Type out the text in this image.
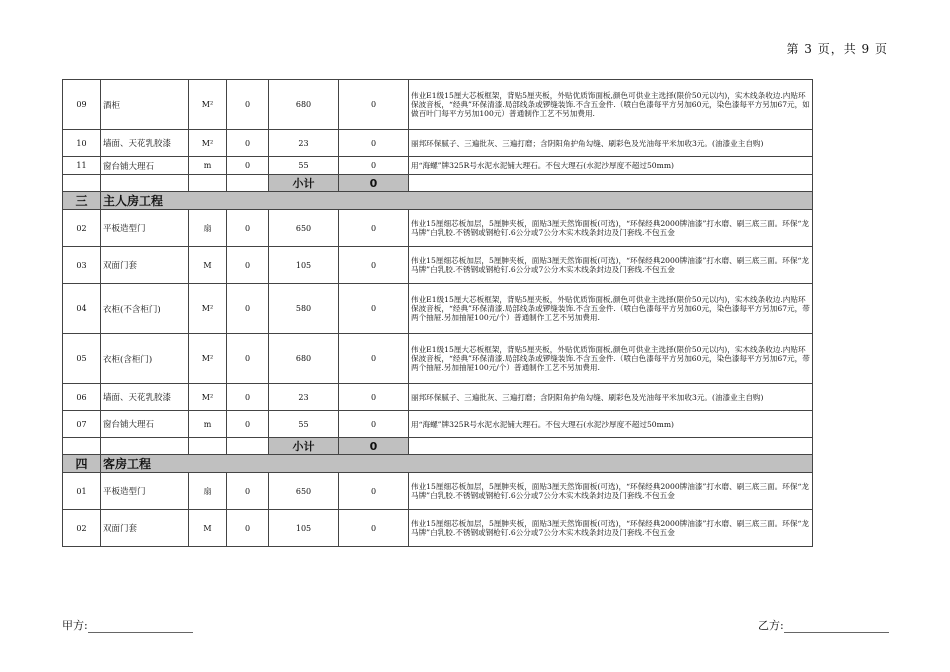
第 3 页，共 9 页
09	酒柜	M²	0	680	0	伟业E1级15厘大芯板框架，背贴5厘夹板，外贴优质饰面板,颜色可供业主选择(限价50元以内)，实木线条收边.内贴环保波音板，“经典”环保清漆.局部线条或锣缝装饰.不含五金件.（喷白色漆每平方另加60元，染色漆每平方另加67元，如做百叶门每平方另加100元）普通制作工艺不另加费用.
10	墙面、天花乳胶漆	M²	0	23	0	丽邦环保腻子、三遍批灰、三遍打磨；含阴阳角护角勾缝、刷彩色及光油每平米加收3元。(油漆业主自购)
11	窗台铺大理石	m	0	55	0	用“海螺”牌325R号水泥水泥铺大理石。不包大理石(水泥沙厚度不超过50mm)
				小计	0	
三	主人房工程					
02	平板造型门	扇	0	650	0	伟业15厘细芯板加层，5厘胂夹板，面贴3厘天然饰面板(可选)，“环保经典2000牌油漆”打水磨、刷三底三面。环保“龙马牌”白乳胶.不锈钢或钢枪钉.6公分或7公分木实木线条封边及门套线.不包五金
03	双面门套	M	0	105	0	伟业15厘细芯板加层，5厘胂夹板，面贴3厘天然饰面板(可选)，“环保经典2000牌油漆”打水磨、刷三底三面。环保“龙马牌”白乳胶.不锈钢或钢枪钉.6公分或7公分木实木线条封边及门套线.不包五金
04	衣柜(不含柜门)	M²	0	580	0	伟业E1级15厘大芯板框架，背贴5厘夹板，外贴优质饰面板,颜色可供业主选择(限价50元以内)，实木线条收边.内贴环保波音板，“经典”环保清漆.局部线条或锣缝装饰.不含五金件.（喷白色漆每平方另加60元，染色漆每平方另加67元，带两个抽屉.另加抽屉100元/个）普通制作工艺不另加费用.
05	衣柜(含柜门)	M²	0	680	0	伟业E1级15厘大芯板框架，背贴5厘夹板，外贴优质饰面板,颜色可供业主选择(限价50元以内)，实木线条收边.内贴环保波音板，“经典”环保清漆.局部线条或锣缝装饰.不含五金件.（喷白色漆每平方另加60元，染色漆每平方另加67元，带两个抽屉.另加抽屉100元/个）普通制作工艺不另加费用.
06	墙面、天花乳胶漆	M²	0	23	0	丽邦环保腻子、三遍批灰、三遍打磨；含阴阳角护角勾缝、刷彩色及光油每平米加收3元。(油漆业主自购)
07	窗台铺大理石	m	0	55	0	用“海螺”牌325R号水泥水泥铺大理石。不包大理石(水泥沙厚度不超过50mm)
				小计	0	
四	客房工程					
01	平板造型门	扇	0	650	0	伟业15厘细芯板加层，5厘胂夹板，面贴3厘天然饰面板(可选)，“环保经典2000牌油漆”打水磨、刷三底三面。环保“龙马牌”白乳胶.不锈钢或钢枪钉.6公分或7公分木实木线条封边及门套线.不包五金
02	双面门套	M	0	105	0	伟业15厘细芯板加层，5厘胂夹板，面贴3厘天然饰面板(可选)，“环保经典2000牌油漆”打水磨、刷三底三面。环保“龙马牌”白乳胶.不锈钢或钢枪钉.6公分或7公分木实木线条封边及门套线.不包五金
甲方:	乙方:
